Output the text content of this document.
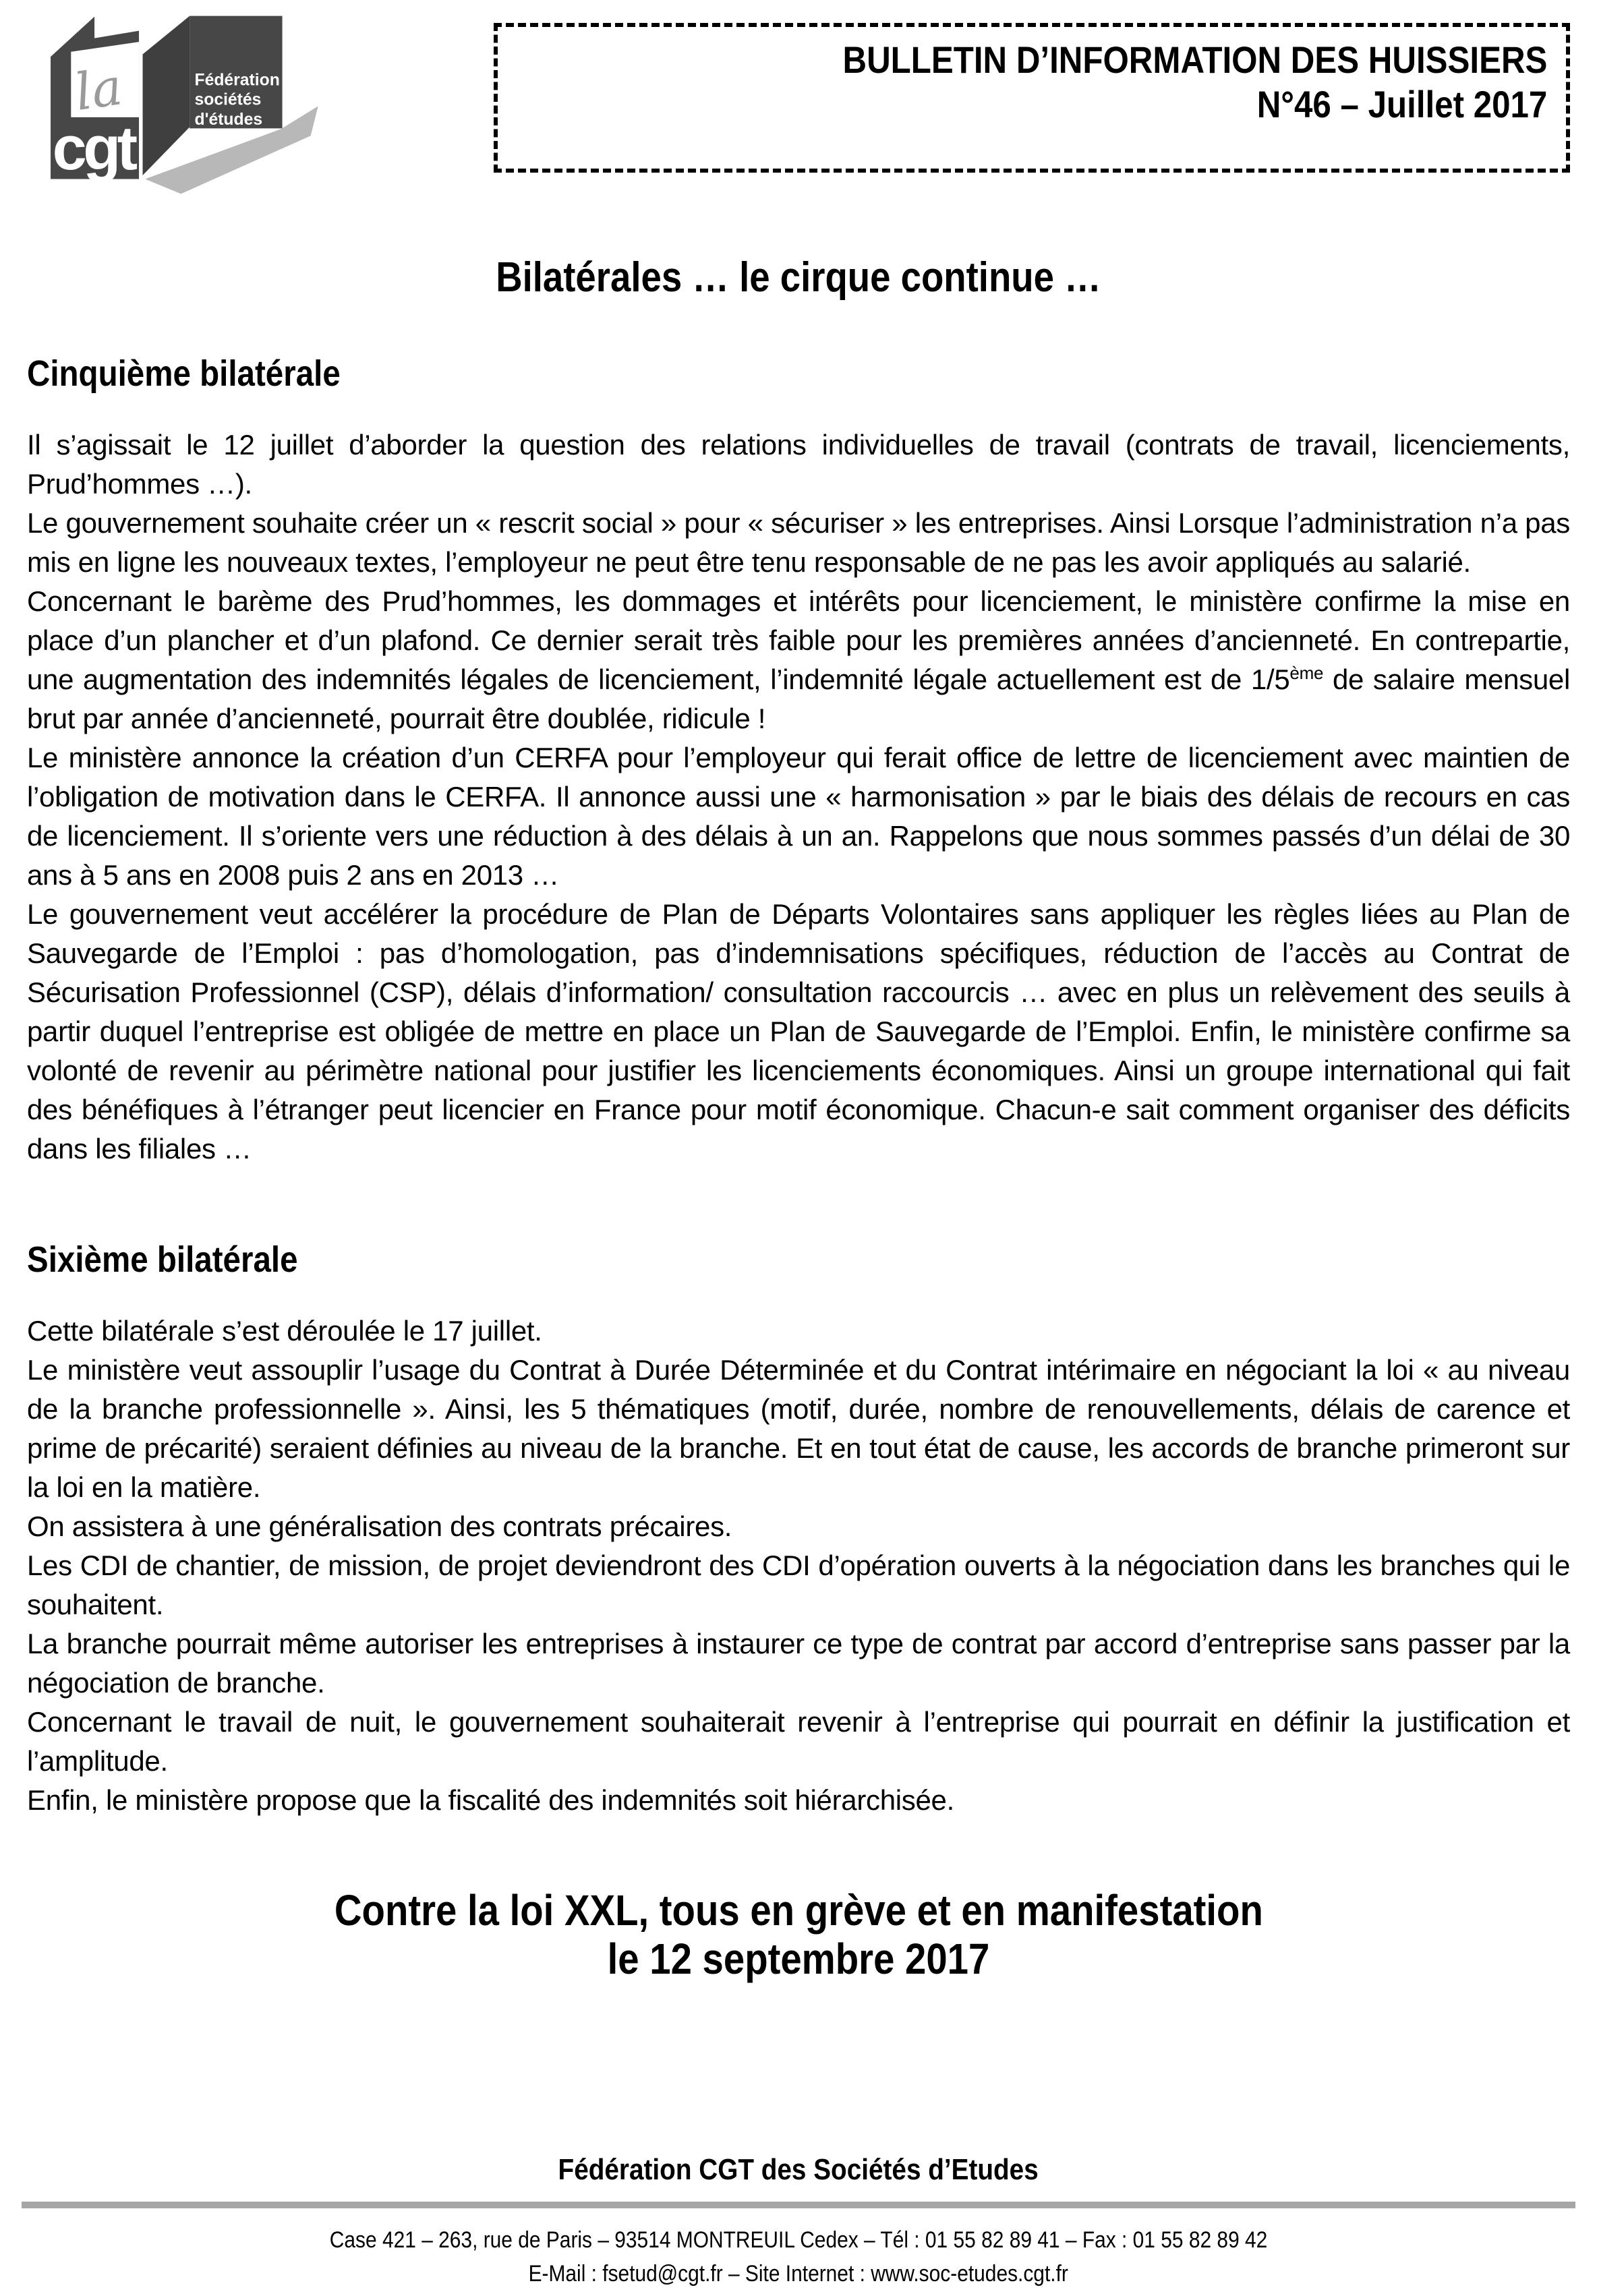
la
cgt
Fédération
sociétés
d'études
BULLETIN D’INFORMATION DES HUISSIERS
N°46 – Juillet 2017
Bilatérales … le cirque continue …
Cinquième bilatérale

Il s’agissait le 12 juillet d’aborder la question des relations individuelles de travail (contrats de travail, licenciements, Prud’hommes …).

Le gouvernement souhaite créer un « rescrit social » pour « sécuriser » les entreprises. Ainsi Lorsque l’administration n’a pas mis en ligne les nouveaux textes, l’employeur ne peut être tenu responsable de ne pas les avoir appliqués au salarié.

Concernant le barème des Prud’hommes, les dommages et intérêts pour licenciement, le ministère confirme la mise en place d’un plancher et d’un plafond. Ce dernier serait très faible pour les premières années d’ancienneté. En contrepartie, une augmentation des indemnités légales de licenciement, l’indemnité légale actuellement est de 1/5ème de salaire mensuel brut par année d’ancienneté, pourrait être doublée, ridicule !

Le ministère annonce la création d’un CERFA pour l’employeur qui ferait office de lettre de licenciement avec maintien de l’obligation de motivation dans le CERFA. Il annonce aussi une « harmonisation » par le biais des délais de recours en cas de licenciement. Il s’oriente vers une réduction à des délais à un an. Rappelons que nous sommes passés d’un délai de 30 ans à 5 ans en 2008 puis 2 ans en 2013 …

Le gouvernement veut accélérer la procédure de Plan de Départs Volontaires sans appliquer les règles liées au Plan de Sauvegarde de l’Emploi : pas d’homologation, pas d’indemnisations spécifiques, réduction de l’accès au Contrat de Sécurisation Professionnel (CSP), délais d’information/ consultation raccourcis … avec en plus un relèvement des seuils à partir duquel l’entreprise est obligée de mettre en place un Plan de Sauvegarde de l’Emploi. Enfin, le ministère confirme sa volonté de revenir au périmètre national pour justifier les licenciements économiques. Ainsi un groupe international qui fait des bénéfiques à l’étranger peut licencier en France pour motif économique. Chacun-e sait comment organiser des déficits dans les filiales …

Sixième bilatérale

Cette bilatérale s’est déroulée le 17 juillet.

Le ministère veut assouplir l’usage du Contrat à Durée Déterminée et du Contrat intérimaire en négociant la loi « au niveau de la branche professionnelle ». Ainsi, les 5 thématiques (motif, durée, nombre de renouvellements, délais de carence et prime de précarité) seraient définies au niveau de la branche. Et en tout état de cause, les accords de branche primeront sur la loi en la matière.

On assistera à une généralisation des contrats précaires.

Les CDI de chantier, de mission, de projet deviendront des CDI d’opération ouverts à la négociation dans les branches qui le souhaitent.

La branche pourrait même autoriser les entreprises à instaurer ce type de contrat par accord d’entreprise sans passer par la négociation de branche.

Concernant le travail de nuit, le gouvernement souhaiterait revenir à l’entreprise qui pourrait en définir la justification et l’amplitude.

Enfin, le ministère propose que la fiscalité des indemnités soit hiérarchisée.

Contre la loi XXL, tous en grève et en manifestation
le 12 septembre 2017
Fédération CGT des Sociétés d’Etudes
Case 421 – 263, rue de Paris – 93514 MONTREUIL Cedex – Tél : 01 55 82 89 41 – Fax : 01 55 82 89 42
E-Mail : fsetud@cgt.fr – Site Internet : www.soc-etudes.cgt.fr
